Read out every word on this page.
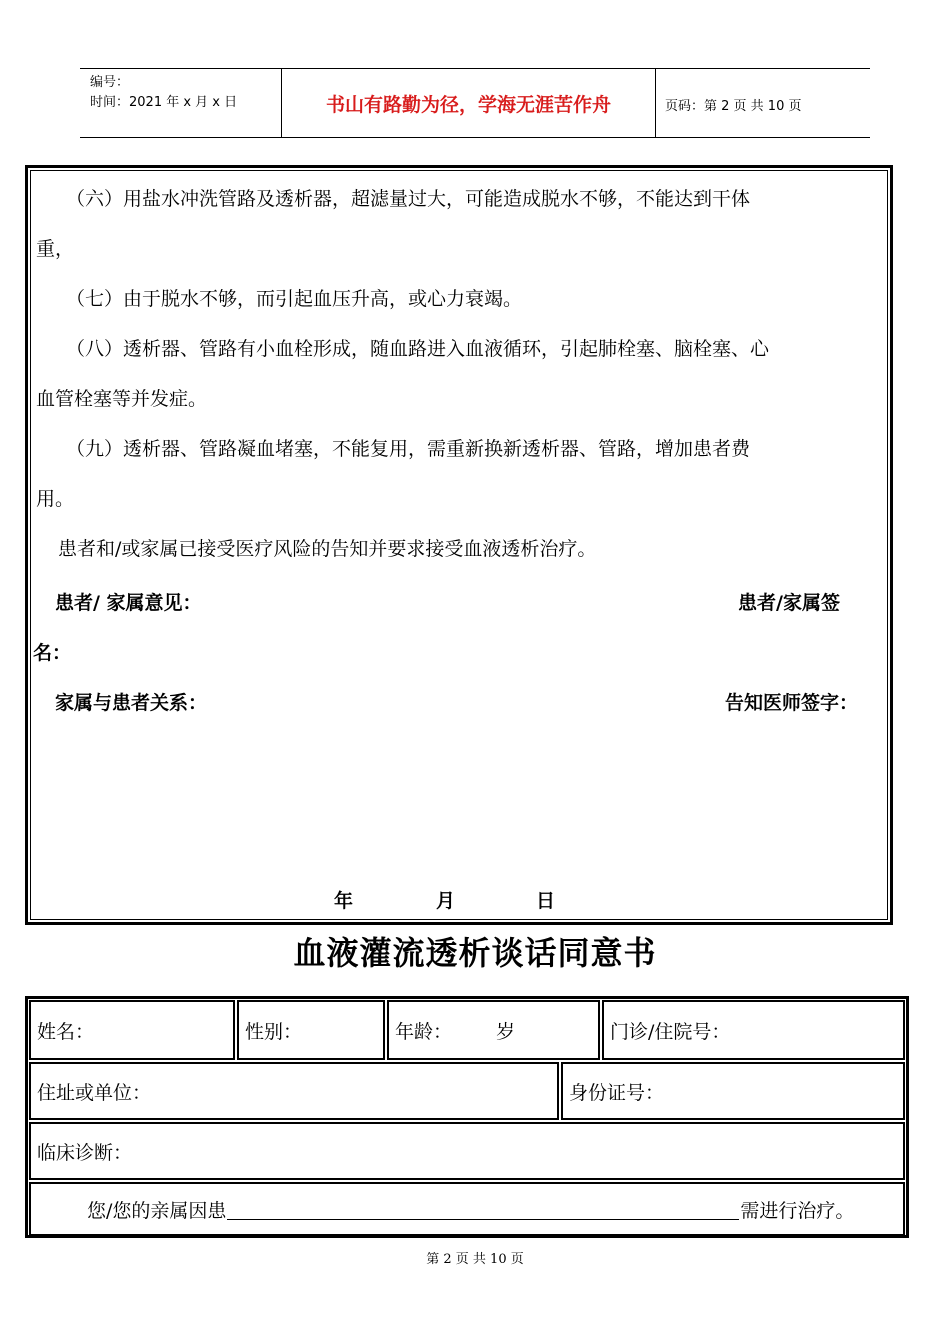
编号：
时间：2021 年 x 月 x 日	书山有路勤为径，学海无涯苦作舟	页码：第 2 页 共 10 页
（六）用盐水冲洗管路及透析器，超滤量过大，可能造成脱水不够，不能达到干体
重，
（七）由于脱水不够，而引起血压升高，或心力衰竭。
（八）透析器、管路有小血栓形成，随血路进入血液循环，引起肺栓塞、脑栓塞、心
血管栓塞等并发症。
（九）透析器、管路凝血堵塞，不能复用，需重新换新透析器、管路，增加患者费
用。
患者和/或家属已接受医疗风险的告知并要求接受血液透析治疗。
患者/ 家属意见：	患者/家属签
名：
家属与患者关系：	告知医师签字：
年	月	日
血液灌流透析谈话同意书
姓名：	性别：	年龄： 岁	门诊/住院号：
住址或单位：	身份证号：
临床诊断：
您/您的亲属因患	需进行治疗。
第 2 页 共 10 页
